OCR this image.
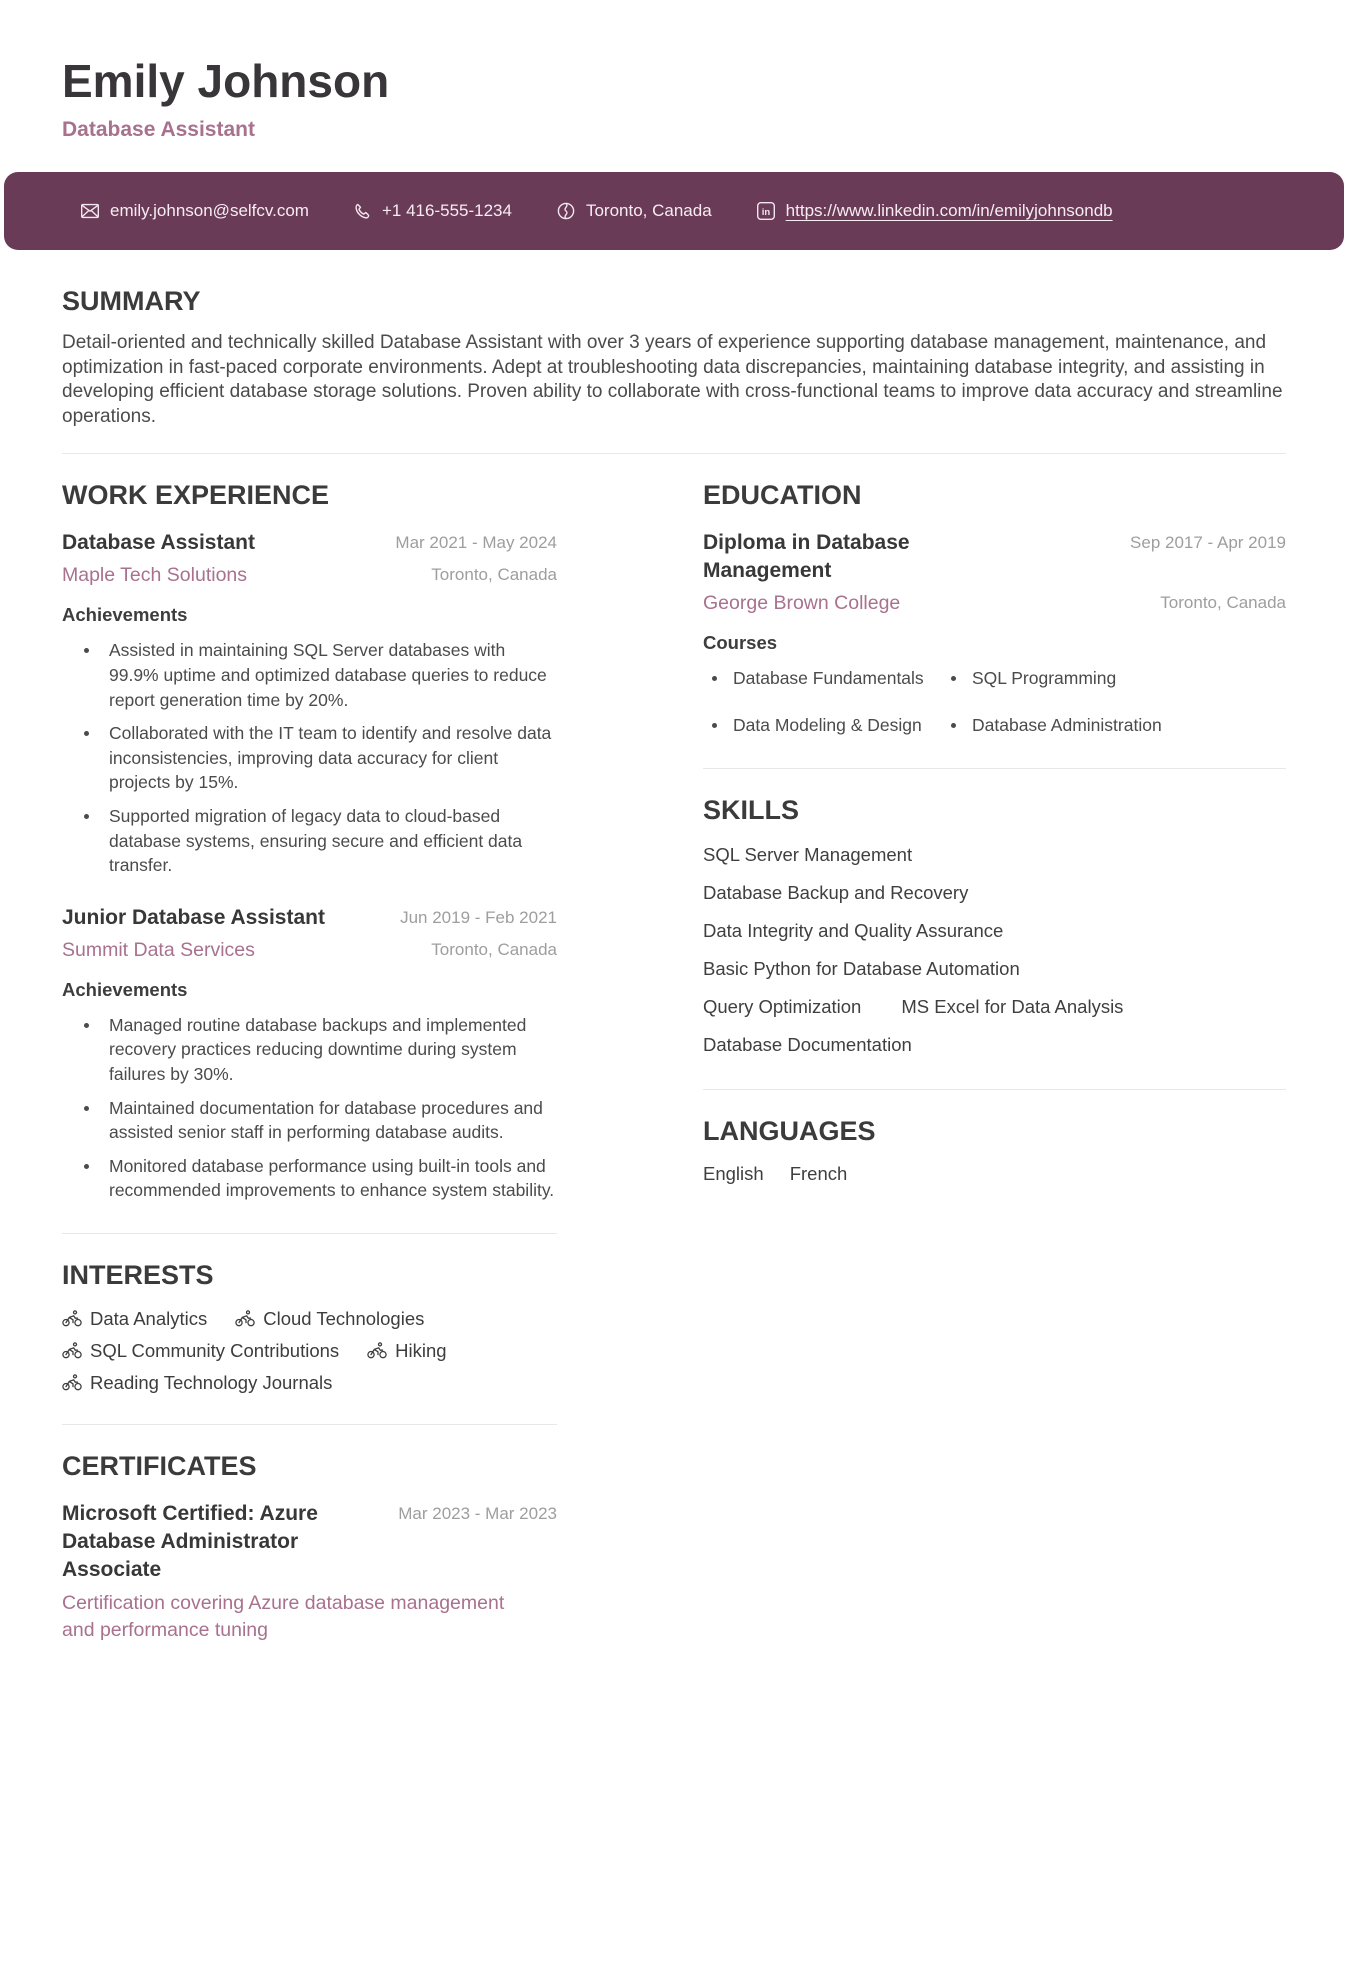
Emily Johnson
Database Assistant
emily.johnson@selfcv.com	+1 416-555-1234	Toronto, Canada	in https://www.linkedin.com/in/emilyjohnsondb
SUMMARY
Detail-oriented and technically skilled Database Assistant with over 3 years of experience supporting database management, maintenance, and optimization in fast-paced corporate environments. Adept at troubleshooting data discrepancies, maintaining database integrity, and assisting in developing efficient database storage solutions. Proven ability to collaborate with cross-functional teams to improve data accuracy and streamline operations.
WORK EXPERIENCE
Database Assistant	Mar 2021 - May 2024
Maple Tech Solutions	Toronto, Canada
Achievements
Assisted in maintaining SQL Server databases with 99.9% uptime and optimized database queries to reduce report generation time by 20%.
Collaborated with the IT team to identify and resolve data inconsistencies, improving data accuracy for client projects by 15%.
Supported migration of legacy data to cloud-based database systems, ensuring secure and efficient data transfer.
Junior Database Assistant	Jun 2019 - Feb 2021
Summit Data Services	Toronto, Canada
Achievements
Managed routine database backups and implemented recovery practices reducing downtime during system failures by 30%.
Maintained documentation for database procedures and assisted senior staff in performing database audits.
Monitored database performance using built-in tools and recommended improvements to enhance system stability.
INTERESTS
Data Analytics	Cloud Technologies
SQL Community Contributions	Hiking
Reading Technology Journals
CERTIFICATES
Microsoft Certified: Azure Database Administrator Associate
Mar 2023 - Mar 2023
Certification covering Azure database management and performance tuning
EDUCATION
Diploma in Database Management
Sep 2017 - Apr 2019
George Brown College	Toronto, Canada
Courses
Database Fundamentals	SQL Programming
Data Modeling & Design	Database Administration
SKILLS
SQL Server Management
Database Backup and Recovery
Data Integrity and Quality Assurance
Basic Python for Database Automation
Query Optimization MS Excel for Data Analysis
Database Documentation
LANGUAGES
English French
